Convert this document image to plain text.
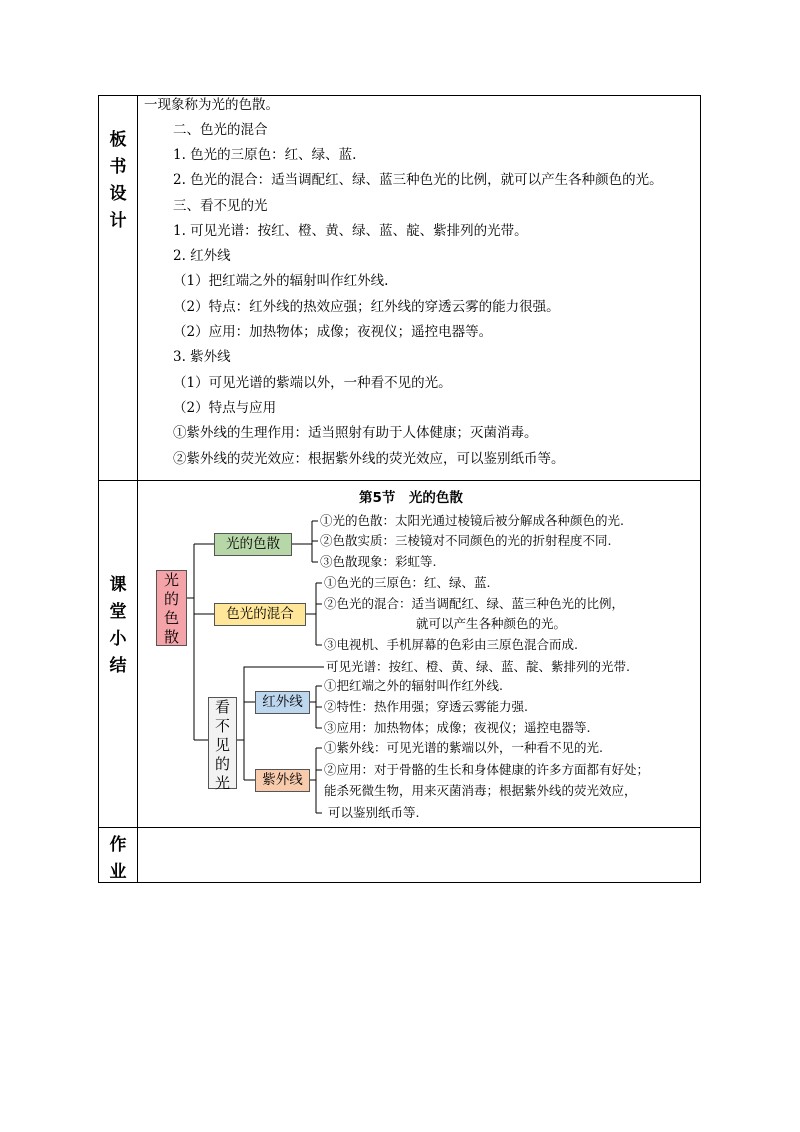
板
书
设
计
课
堂
小
结
作
业
一现象称为光的色散。
二、色光的混合
1. 色光的三原色：红、绿、蓝.
2. 色光的混合：适当调配红、绿、蓝三种色光的比例，就可以产生各种颜色的光。
三、看不见的光
1. 可见光谱：按红、橙、黄、绿、蓝、靛、紫排列的光带。
2. 红外线
（1）把红端之外的辐射叫作红外线.
（2）特点：红外线的热效应强；红外线的穿透云雾的能力很强。
（2）应用：加热物体；成像；夜视仪；遥控电器等。
3. 紫外线
（1）可见光谱的紫端以外，一种看不见的光。
（2）特点与应用
①紫外线的生理作用：适当照射有助于人体健康；灭菌消毒。
②紫外线的荧光效应：根据紫外线的荧光效应，可以鉴别纸币等。
第5节　光的色散
光
的
色
散
光的色散
色光的混合
看
不
见
的
光
红外线
紫外线
①光的色散：太阳光通过棱镜后被分解成各种颜色的光.
②色散实质：三棱镜对不同颜色的光的折射程度不同.
③色散现象：彩虹等.
①色光的三原色：红、绿、蓝.
②色光的混合：适当调配红、绿、蓝三种色光的比例，
就可以产生各种颜色的光。
③电视机、手机屏幕的色彩由三原色混合而成.
可见光谱：按红、橙、黄、绿、蓝、靛、紫排列的光带.
①把红端之外的辐射叫作红外线.
②特性：热作用强；穿透云雾能力强.
③应用：加热物体；成像；夜视仪；遥控电器等.
①紫外线：可见光谱的紫端以外，一种看不见的光.
②应用：对于骨骼的生长和身体健康的许多方面都有好处；
能杀死微生物，用来灭菌消毒；根据紫外线的荧光效应，
可以鉴别纸币等.
